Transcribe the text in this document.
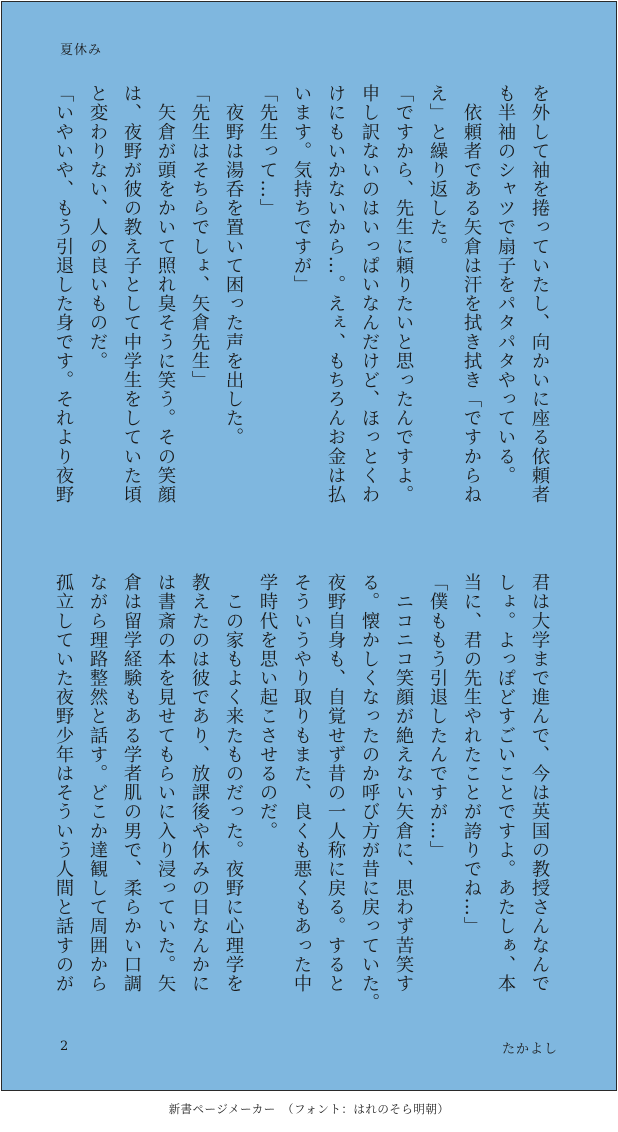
夏休み
を外して袖を捲っていたし、向かいに座る依頼者
も半袖のシャツで扇子をパタパタやっている。
　依頼者である矢倉は汗を拭き拭き「ですからね
え」と繰り返した。
「ですから、先生に頼りたいと思ったんですよ。
申し訳ないのはいっぱいなんだけど、ほっとくわ
けにもいかないから…。えぇ、もちろんお金は払
います。気持ちですが」
「先生って…」
　夜野は湯呑を置いて困った声を出した。
「先生はそちらでしょ、矢倉先生」
　矢倉が頭をかいて照れ臭そうに笑う。その笑顔
は、夜野が彼の教え子として中学生をしていた頃
と変わりない、人の良いものだ。
「いやいや、もう引退した身です。それより夜野
君は大学まで進んで、今は英国の教授さんなんで
しょ。よっぽどすごいことですよ。あたしぁ、本
当に、君の先生やれたことが誇りでね…」
「僕ももう引退したんですが…」
　ニコニコ笑顔が絶えない矢倉に、思わず苦笑す
る。懐かしくなったのか呼び方が昔に戻っていた。
夜野自身も、自覚せず昔の一人称に戻る。すると
そういうやり取りもまた、良くも悪くもあった中
学時代を思い起こさせるのだ。
　この家もよく来たものだった。夜野に心理学を
教えたのは彼であり、放課後や休みの日なんかに
は書斎の本を見せてもらいに入り浸っていた。矢
倉は留学経験もある学者肌の男で、柔らかい口調
ながら理路整然と話す。どこか達観して周囲から
孤立していた夜野少年はそういう人間と話すのが
2	たかよし
新書ページメーカー　（フォント：はれのそら明朝）
